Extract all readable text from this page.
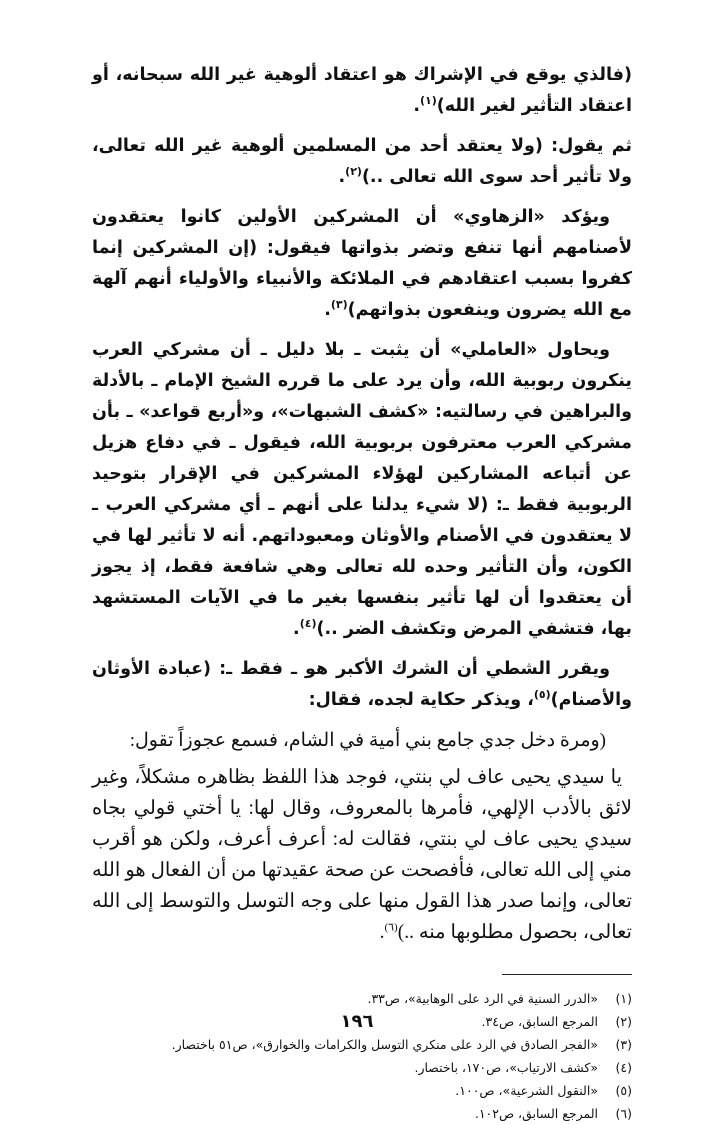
(فالذي يوقع في الإشراك هو اعتقاد ألوهية غير الله سبحانه، أو اعتقاد التأثير لغير الله)$^{(١)}$.

ثم يقول: (ولا يعتقد أحد من المسلمين ألوهية غير الله تعالى، ولا تأثير أحد سوى الله تعالى ..)$^{(٢)}$.

ويؤكد «الزهاوي» أن المشركين الأولين كانوا يعتقدون لأصنامهم أنها تنفع وتضر بذواتها فيقول: (إن المشركين إنما كفروا بسبب اعتقادهم في الملائكة والأنبياء والأولياء أنهم آلهة مع الله يضرون وينفعون بذواتهم)$^{(٣)}$.

ويحاول «العاملي» أن يثبت ـ بلا دليل ـ أن مشركي العرب ينكرون ربوبية الله، وأن يرد على ما قرره الشيخ الإمام ـ بالأدلة والبراهين في رسالتيه: «كشف الشبهات»، و«أربع قواعد» ـ بأن مشركي العرب معترفون بربوبية الله، فيقول ـ في دفاع هزيل عن أتباعه المشاركين لهؤلاء المشركين في الإقرار بتوحيد الربوبية فقط ـ: (لا شيء يدلنا على أنهم ـ أي مشركي العرب ـ لا يعتقدون في الأصنام والأوثان ومعبوداتهم. أنه لا تأثير لها في الكون، وأن التأثير وحده لله تعالى وهي شافعة فقط، إذ يجوز أن يعتقدوا أن لها تأثير بنفسها بغير ما في الآيات المستشهد بها، فتشفي المرض وتكشف الضر ..)$^{(٤)}$.

ويقرر الشطي أن الشرك الأكبر هو ـ فقط ـ: (عبادة الأوثان والأصنام)$^{(٥)}$، ويذكر حكاية لجده، فقال:

(ومرة دخل جدي جامع بني أمية في الشام، فسمع عجوزاً تقول:

يا سيدي يحيى عاف لي بنتي، فوجد هذا اللفظ بظاهره مشكلاً، وغير لائق بالأدب الإلهي، فأمرها بالمعروف، وقال لها: يا أختي قولي بجاه سيدي يحيى عاف لي بنتي، فقالت له: أعرف أعرف، ولكن هو أقرب مني إلى الله تعالى، فأفصحت عن صحة عقيدتها من أن الفعال هو الله تعالى، وإنما صدر هذا القول منها على وجه التوسل والتوسط إلى الله تعالى، بحصول مطلوبها منه ..)$^{(٦)}$.

(١)
«الدرر السنية في الرد على الوهابية»، ص٣٣.
(٢)
المرجع السابق، ص٣٤.
(٣)
«الفجر الصادق في الرد على منكري التوسل والكرامات والخوارق»، ص٥١ باختصار.
(٤)
«كشف الارتياب»، ص١٧٠، باختصار.
(٥)
«النقول الشرعية»، ص١٠٠.
(٦)
المرجع السابق، ص١٠٢.
١٩٦
